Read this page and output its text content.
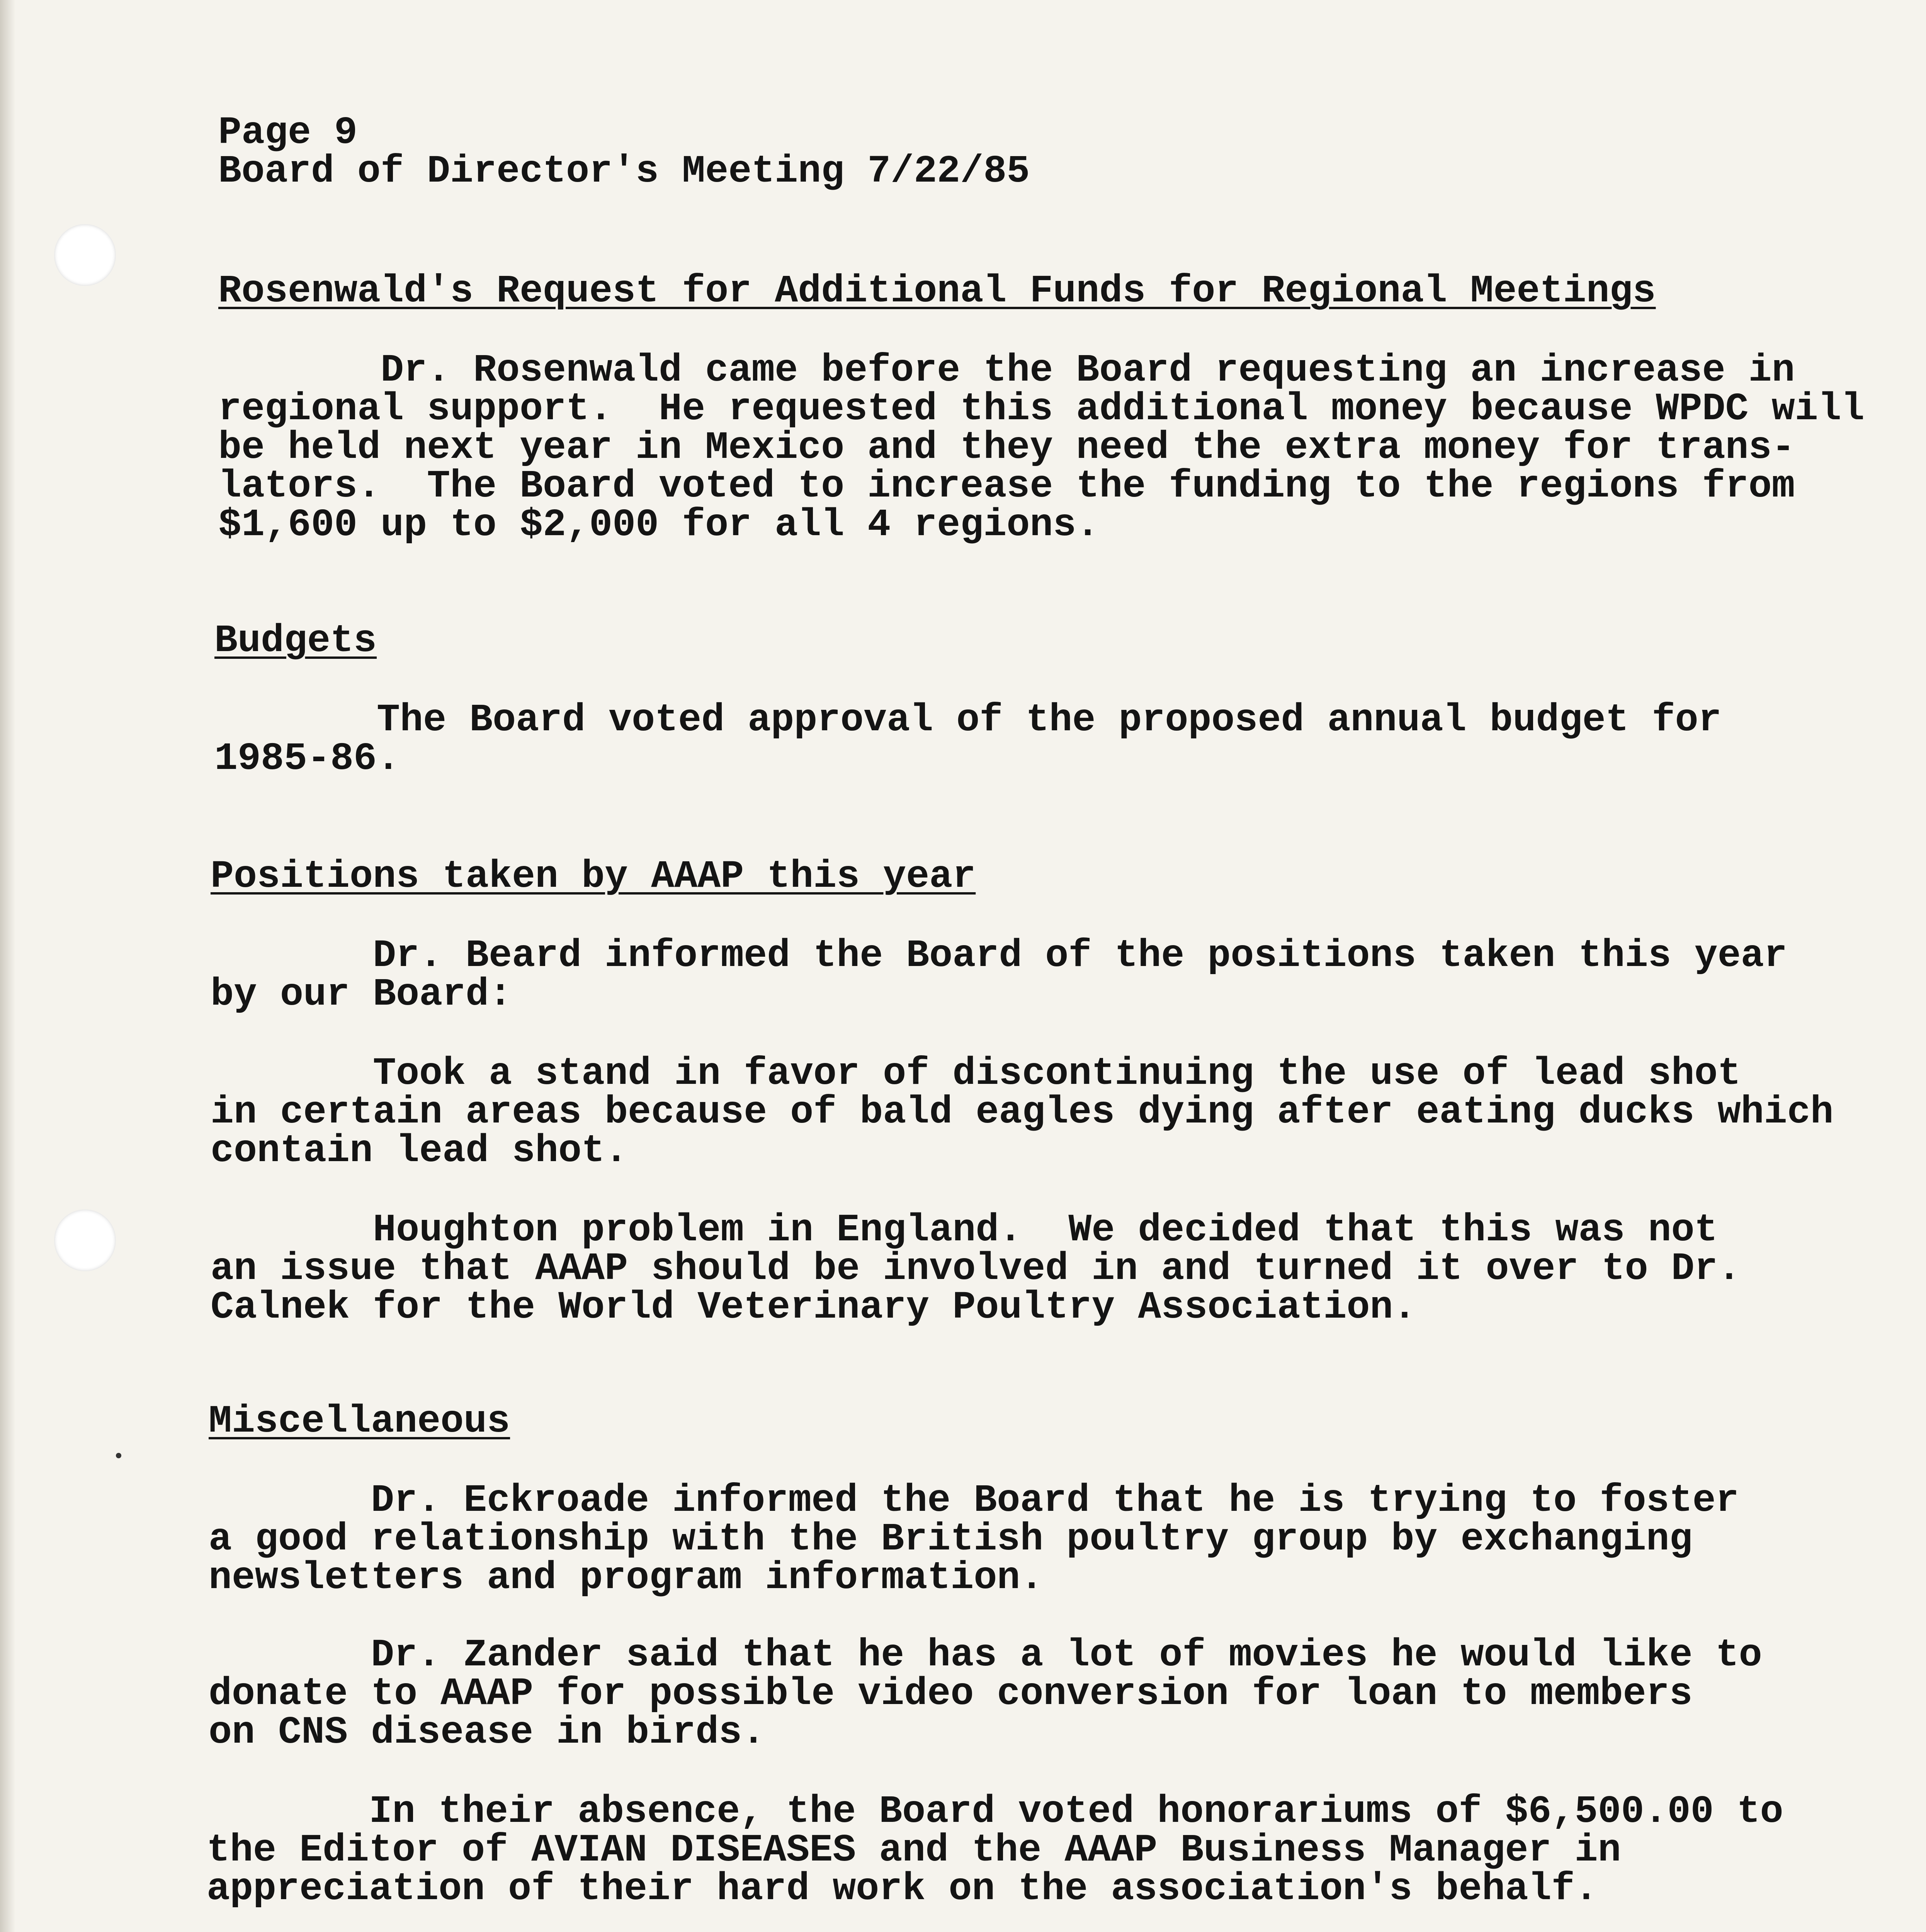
Page 9
Board of Director's Meeting 7/22/85
Rosenwald's Request for Additional Funds for Regional Meetings
Dr. Rosenwald came before the Board requesting an increase in
regional support.  He requested this additional money because WPDC will
be held next year in Mexico and they need the extra money for trans-
lators.  The Board voted to increase the funding to the regions from
$1,600 up to $2,000 for all 4 regions.
Budgets
The Board voted approval of the proposed annual budget for
1985-86.
Positions taken by AAAP this year
Dr. Beard informed the Board of the positions taken this year
by our Board:
Took a stand in favor of discontinuing the use of lead shot
in certain areas because of bald eagles dying after eating ducks which
contain lead shot.
Houghton problem in England.  We decided that this was not
an issue that AAAP should be involved in and turned it over to Dr.
Calnek for the World Veterinary Poultry Association.
Miscellaneous
Dr. Eckroade informed the Board that he is trying to foster
a good relationship with the British poultry group by exchanging
newsletters and program information.
Dr. Zander said that he has a lot of movies he would like to
donate to AAAP for possible video conversion for loan to members
on CNS disease in birds.
In their absence, the Board voted honorariums of $6,500.00 to
the Editor of AVIAN DISEASES and the AAAP Business Manager in
appreciation of their hard work on the association's behalf.
